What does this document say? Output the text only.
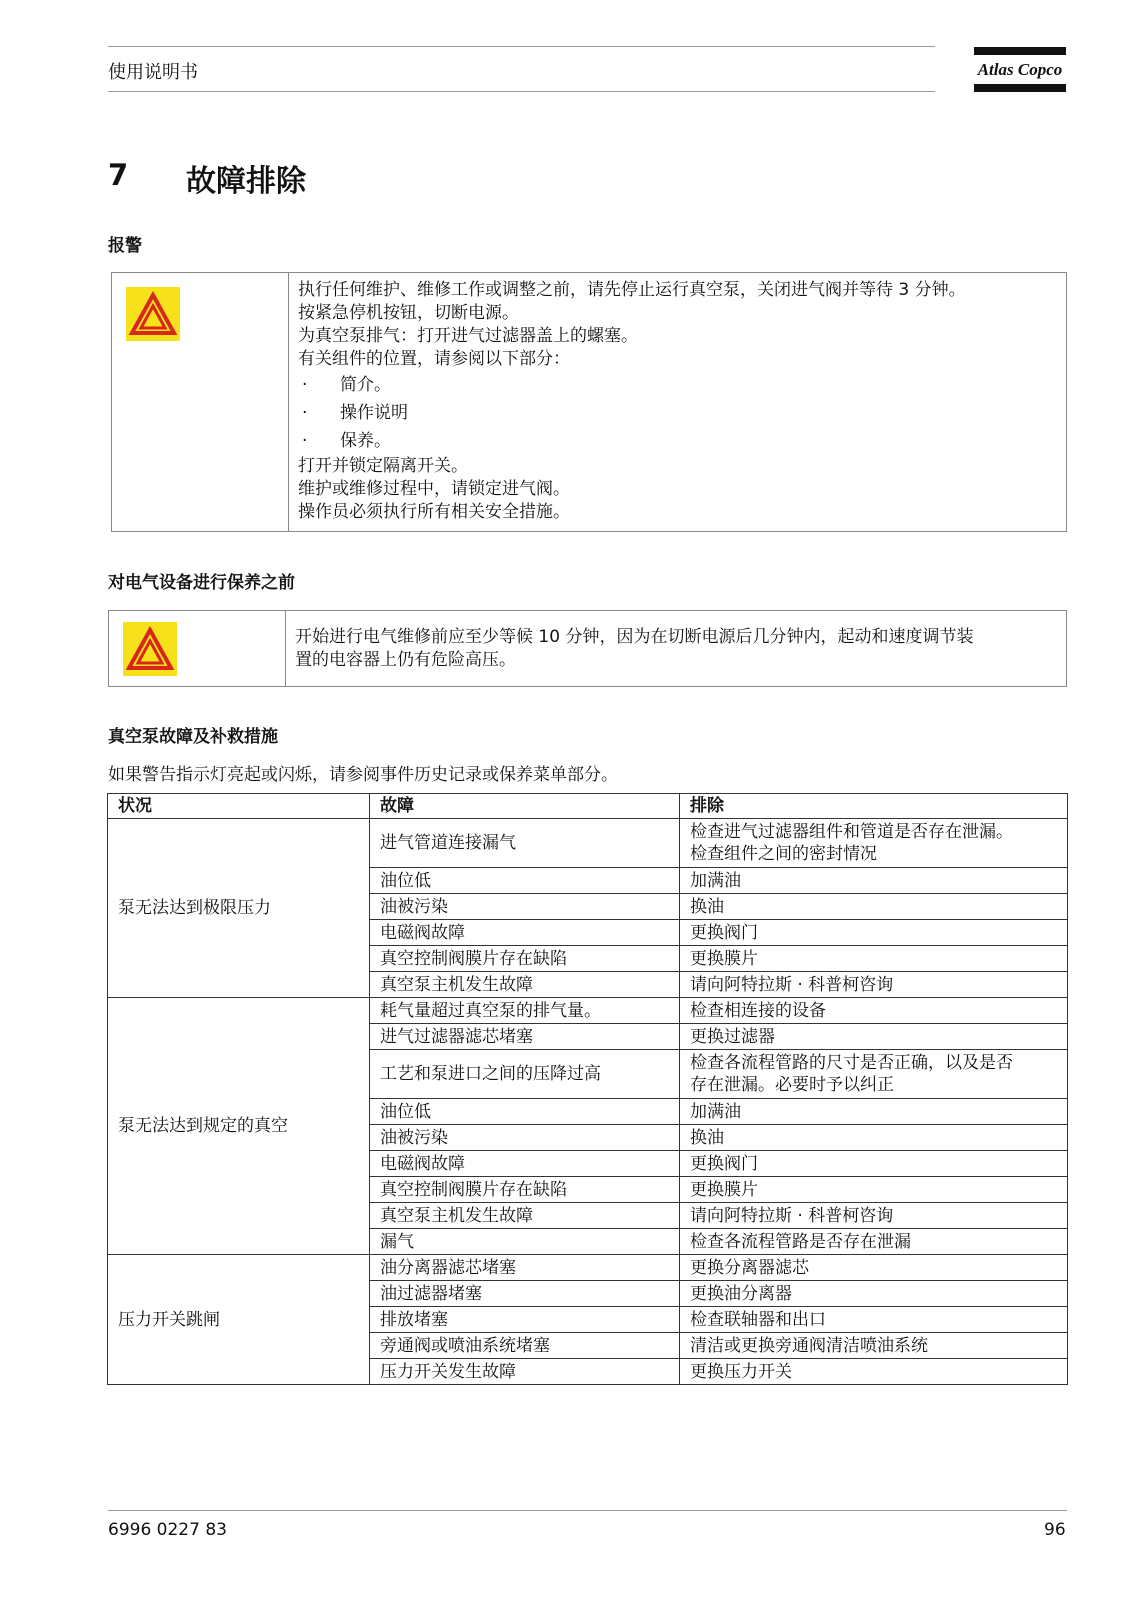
使用说明书	Atlas Copco
7 故障排除
报警
执行任何维护、维修工作或调整之前，请先停止运行真空泵，关闭进气阀并等待 3 分钟。
按紧急停机按钮，切断电源。
为真空泵排气：打开进气过滤器盖上的螺塞。
有关组件的位置，请参阅以下部分：
·	简介。
·	操作说明
·	保养。
打开并锁定隔离开关。
维护或维修过程中，请锁定进气阀。
操作员必须执行所有相关安全措施。
对电气设备进行保养之前
开始进行电气维修前应至少等候 10 分钟，因为在切断电源后几分钟内，起动和速度调节装
置的电容器上仍有危险高压。
真空泵故障及补救措施
如果警告指示灯亮起或闪烁，请参阅事件历史记录或保养菜单部分。
状况	故障	排除
泵无法达到极限压力	进气管道连接漏气	检查进气过滤器组件和管道是否存在泄漏。
检查组件之间的密封情况

	油位低	加满油

	油被污染	换油

	电磁阀故障	更换阀门

	真空控制阀膜片存在缺陷	更换膜片

	真空泵主机发生故障	请向阿特拉斯 · 科普柯咨询

泵无法达到规定的真空	耗气量超过真空泵的排气量。	检查相连接的设备

	进气过滤器滤芯堵塞	更换过滤器

	工艺和泵进口之间的压降过高	检查各流程管路的尺寸是否正确，以及是否
存在泄漏。必要时予以纠正

	油位低	加满油

	油被污染	换油

	电磁阀故障	更换阀门

	真空控制阀膜片存在缺陷	更换膜片

	真空泵主机发生故障	请向阿特拉斯 · 科普柯咨询

	漏气	检查各流程管路是否存在泄漏

压力开关跳闸	油分离器滤芯堵塞	更换分离器滤芯

	油过滤器堵塞	更换油分离器

	排放堵塞	检查联轴器和出口

	旁通阀或喷油系统堵塞	清洁或更换旁通阀清洁喷油系统

	压力开关发生故障	更换压力开关
6996 0227 83	96
